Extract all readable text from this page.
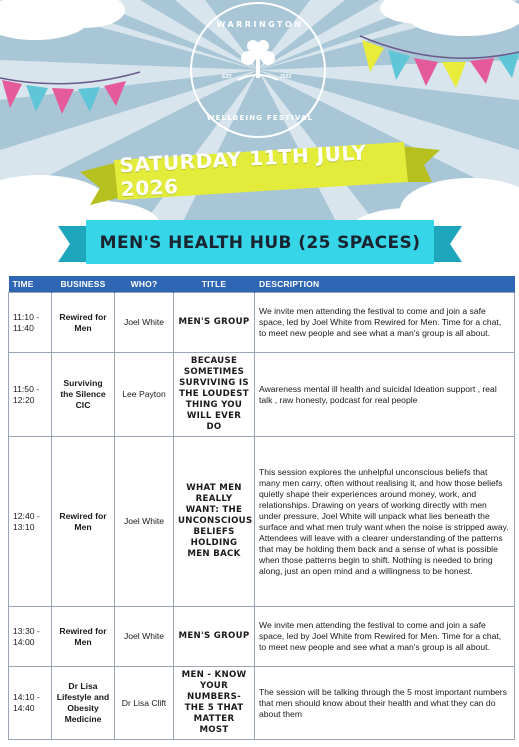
WARRINGTON
EST.	2023
WELLBEING FESTIVAL
SATURDAY 11TH JULY 2026
MEN'S HEALTH HUB (25 SPACES)
TIME	BUSINESS	WHO?	TITLE	DESCRIPTION
11:10 - 11:40	Rewired for Men	Joel White	MEN'S GROUP	We invite men attending the festival to come and join a safe space, led by Joel White from Rewired for Men. Time for a chat, to meet new people and see what a man's group is all about.
11:50 - 12:20	Surviving the Silence CIC	Lee Payton	BECAUSE SOMETIMES SURVIVING IS THE LOUDEST THING YOU WILL EVER DO	Awareness mental ill health and suicidal Ideation support , real talk , raw honesty, podcast for real people
12:40 - 13:10	Rewired for Men	Joel White	WHAT MEN REALLY WANT: THE UNCONSCIOUS BELIEFS HOLDING MEN BACK	This session explores the unhelpful unconscious beliefs that many men carry, often without realising it, and how those beliefs quietly shape their experiences around money, work, and relationships. Drawing on years of working directly with men under pressure, Joel White will unpack what lies beneath the surface and what men truly want when the noise is stripped away. Attendees will leave with a clearer understanding of the patterns that may be holding them back and a sense of what is possible when those patterns begin to shift. Nothing is needed to bring along, just an open mind and a willingness to be honest.
13:30 - 14:00	Rewired for Men	Joel White	MEN'S GROUP	We invite men attending the festival to come and join a safe space, led by Joel White from Rewired for Men. Time for a chat, to meet new people and see what a man's group is all about.
14:10 - 14:40	Dr Lisa Lifestyle and Obesity Medicine	Dr Lisa Clift	MEN - KNOW YOUR NUMBERS- THE 5 THAT MATTER MOST	The session will be talking through the 5 most important numbers that men should know about their health and what they can do about them
